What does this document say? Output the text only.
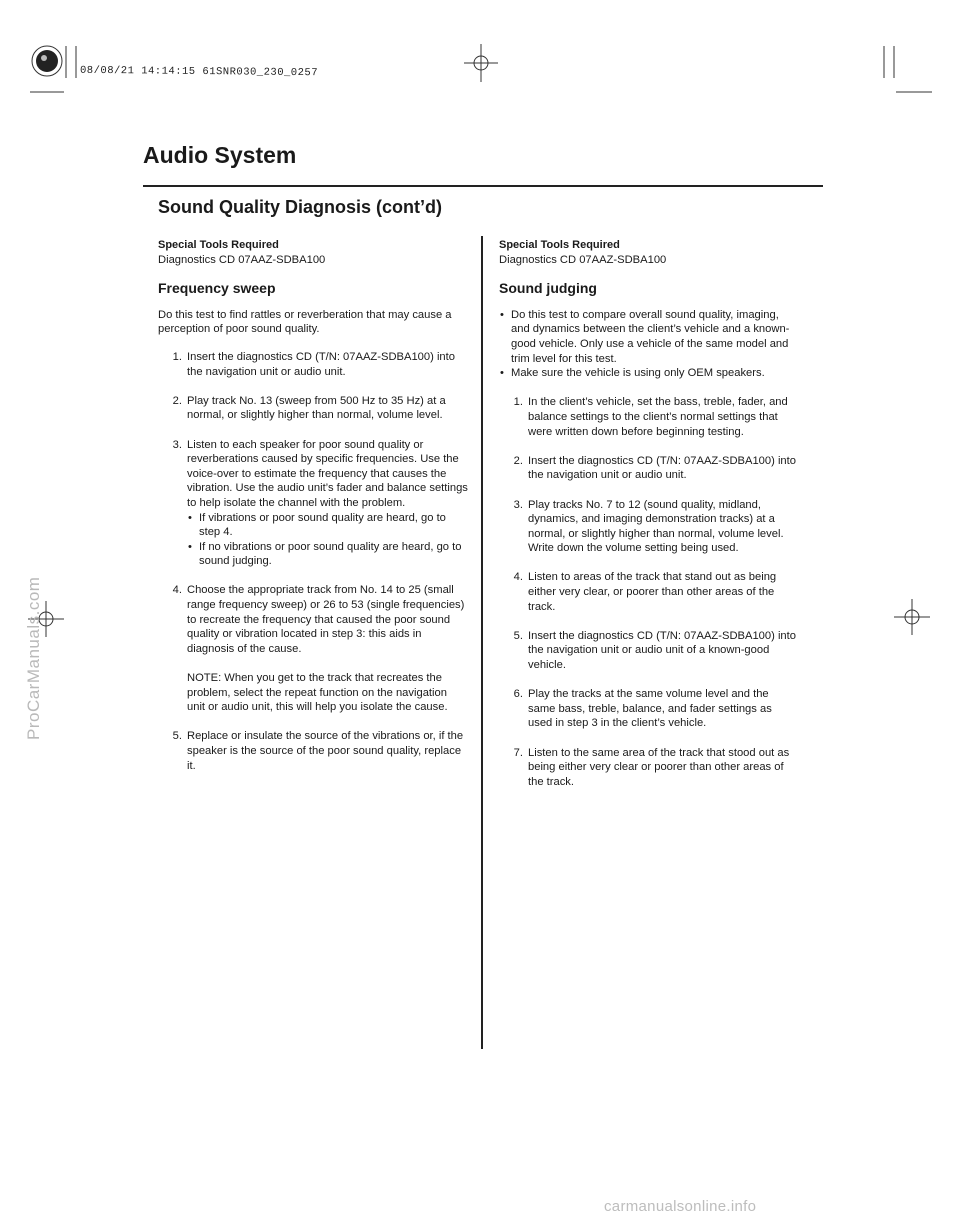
08/08/21 14:14:15 61SNR030_230_0257
Audio System
Sound Quality Diagnosis (cont’d)
Special Tools Required
Diagnostics CD 07AAZ-SDBA100
Frequency sweep

Do this test to find rattles or reverberation that may cause a perception of poor sound quality.

1. Insert the diagnostics CD (T/N: 07AAZ-SDBA100) into the navigation unit or audio unit.
2. Play track No. 13 (sweep from 500 Hz to 35 Hz) at a normal, or slightly higher than normal, volume level.
3. Listen to each speaker for poor sound quality or reverberations caused by specific frequencies. Use the voice-over to estimate the frequency that causes the vibration. Use the audio unit’s fader and balance settings to help isolate the channel with the problem.
• If vibrations or poor sound quality are heard, go to step 4.
• If no vibrations or poor sound quality are heard, go to sound judging.
4. Choose the appropriate track from No. 14 to 25 (small range frequency sweep) or 26 to 53 (single frequencies) to recreate the frequency that caused the poor sound quality or vibration located in step 3: this aids in diagnosis of the cause.

NOTE: When you get to the track that recreates the problem, select the repeat function on the navigation unit or audio unit, this will help you isolate the cause.

5. Replace or insulate the source of the vibrations or, if the speaker is the source of the poor sound quality, replace it.
Special Tools Required
Diagnostics CD 07AAZ-SDBA100
Sound judging
• Do this test to compare overall sound quality, imaging, and dynamics between the client’s vehicle and a known-good vehicle. Only use a vehicle of the same model and trim level for this test.
• Make sure the vehicle is using only OEM speakers.
1. In the client’s vehicle, set the bass, treble, fader, and balance settings to the client’s normal settings that were written down before beginning testing.
2. Insert the diagnostics CD (T/N: 07AAZ-SDBA100) into the navigation unit or audio unit.
3. Play tracks No. 7 to 12 (sound quality, midland, dynamics, and imaging demonstration tracks) at a normal, or slightly higher than normal, volume level. Write down the volume setting being used.
4. Listen to areas of the track that stand out as being either very clear, or poorer than other areas of the track.
5. Insert the diagnostics CD (T/N: 07AAZ-SDBA100) into the navigation unit or audio unit of a known-good vehicle.
6. Play the tracks at the same volume level and the same bass, treble, balance, and fader settings as used in step 3 in the client’s vehicle.
7. Listen to the same area of the track that stood out as being either very clear or poorer than other areas of the track.
ProCarManuals.com
carmanualsonline.info
